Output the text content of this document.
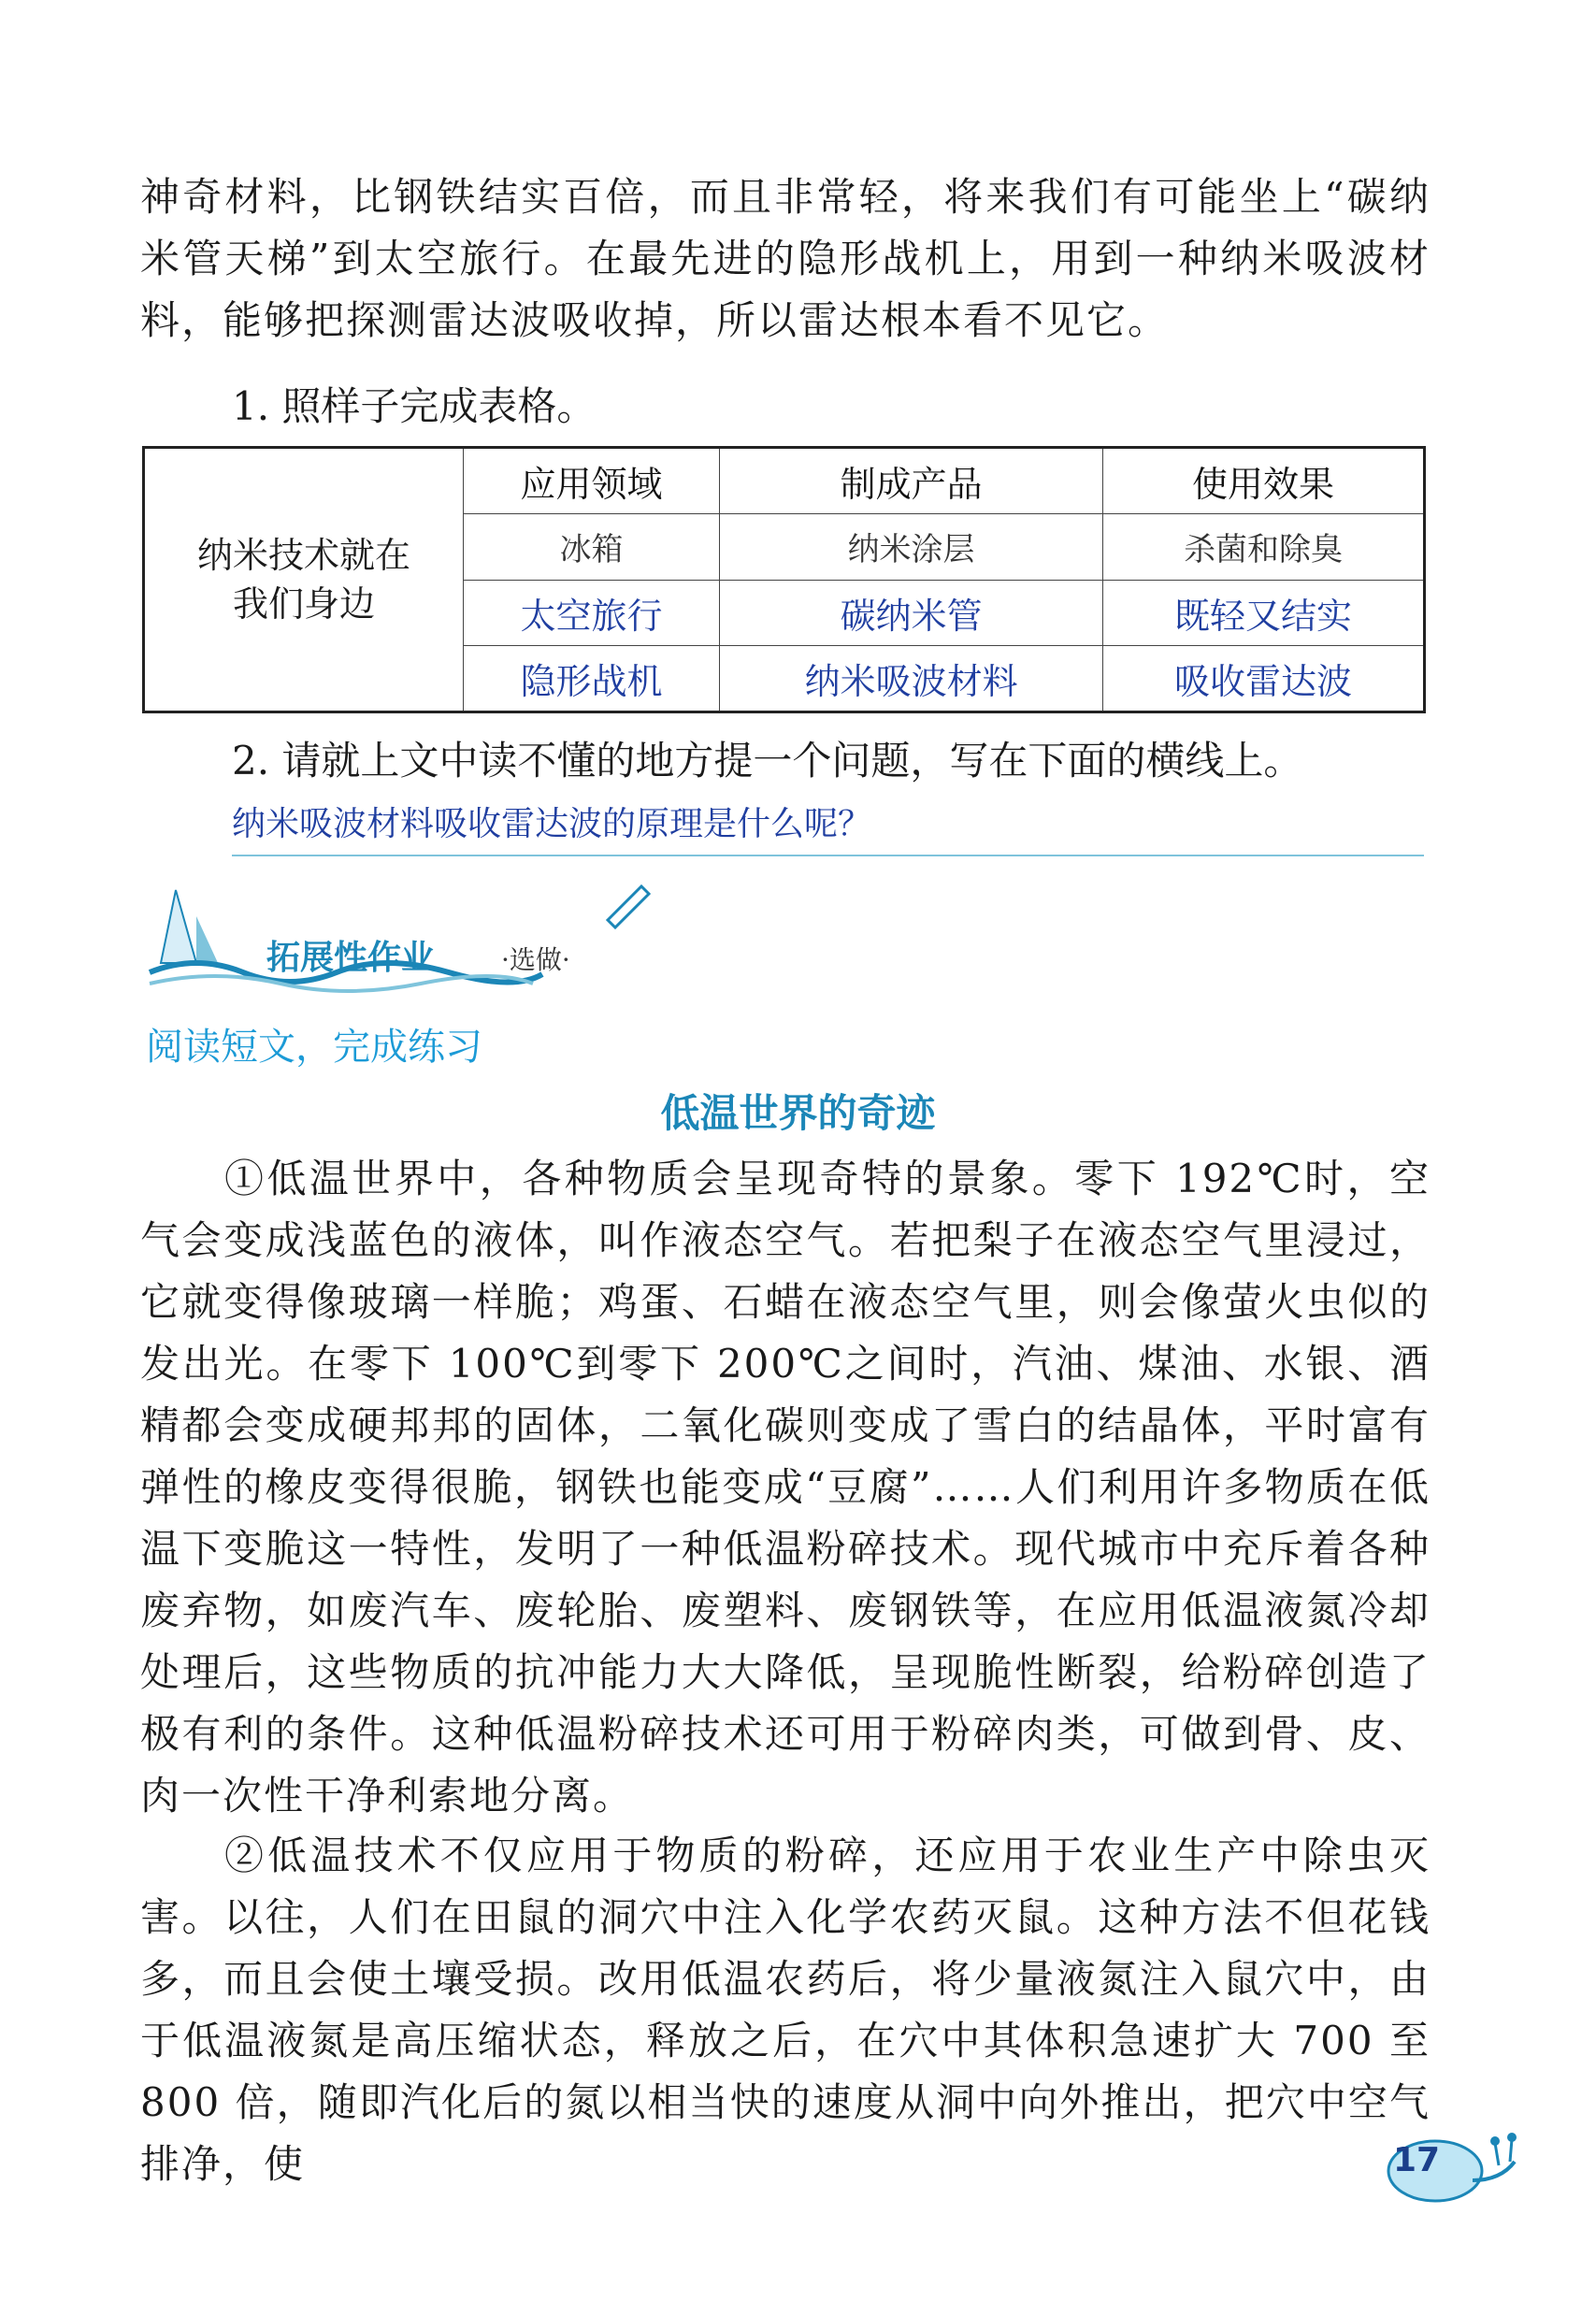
神奇材料，比钢铁结实百倍，而且非常轻，将来我们有可能坐上“碳纳米管天梯”到太空旅行。在最先进的隐形战机上，用到一种纳米吸波材料，能够把探测雷达波吸收掉，所以雷达根本看不见它。

1. 照样子完成表格。
纳米技术就在
我们身边	应用领域	制成产品	使用效果
	冰箱	纳米涂层	杀菌和除臭
	太空旅行	碳纳米管	既轻又结实
	隐形战机	纳米吸波材料	吸收雷达波
2. 请就上文中读不懂的地方提一个问题，写在下面的横线上。
纳米吸波材料吸收雷达波的原理是什么呢？
拓展性作业	·选做·
阅读短文，完成练习
低温世界的奇迹

①低温世界中，各种物质会呈现奇特的景象。零下 192℃时，空气会变成浅蓝色的液体，叫作液态空气。若把梨子在液态空气里浸过，它就变得像玻璃一样脆；鸡蛋、石蜡在液态空气里，则会像萤火虫似的发出光。在零下 100℃到零下 200℃之间时，汽油、煤油、水银、酒精都会变成硬邦邦的固体，二氧化碳则变成了雪白的结晶体，平时富有弹性的橡皮变得很脆，钢铁也能变成“豆腐”……人们利用许多物质在低温下变脆这一特性，发明了一种低温粉碎技术。现代城市中充斥着各种废弃物，如废汽车、废轮胎、废塑料、废钢铁等，在应用低温液氮冷却处理后，这些物质的抗冲能力大大降低，呈现脆性断裂，给粉碎创造了极有利的条件。这种低温粉碎技术还可用于粉碎肉类，可做到骨、皮、肉一次性干净利索地分离。

②低温技术不仅应用于物质的粉碎，还应用于农业生产中除虫灭害。以往，人们在田鼠的洞穴中注入化学农药灭鼠。这种方法不但花钱多，而且会使土壤受损。改用低温农药后，将少量液氮注入鼠穴中，由于低温液氮是高压缩状态，释放之后，在穴中其体积急速扩大 700 至 800 倍，随即汽化后的氮以相当快的速度从洞中向外推出，把穴中空气排净，使	17
